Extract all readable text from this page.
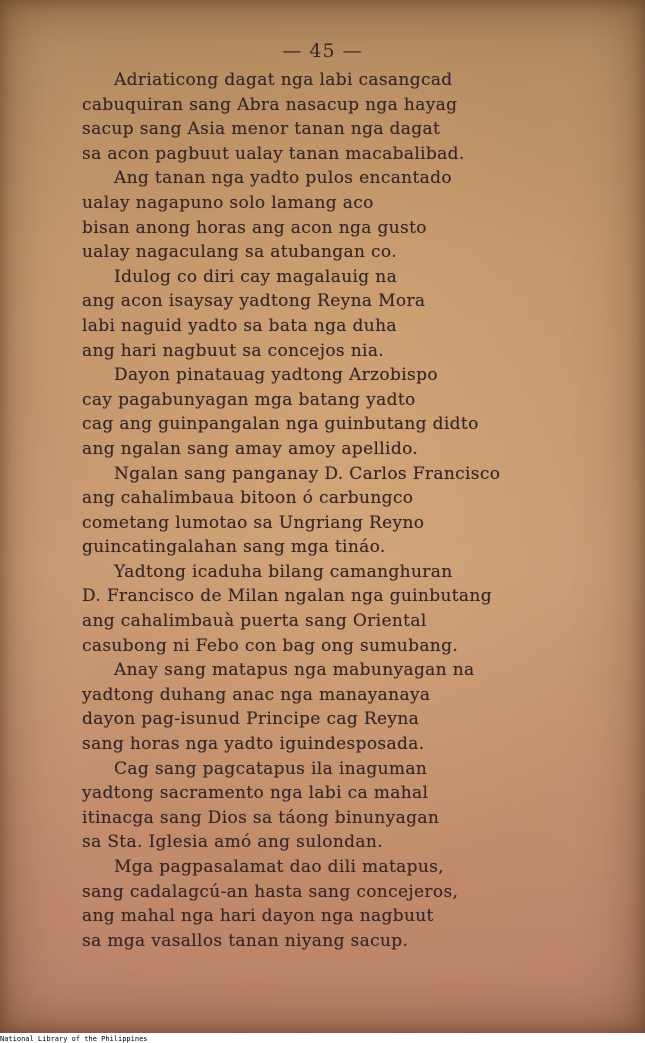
— 45 —
Adriaticong dagat nga labi casangcad
cabuquiran sang Abra nasacup nga hayag
sacup sang Asia menor tanan nga dagat
sa acon pagbuut ualay tanan macabalibad.
Ang tanan nga yadto pulos encantado
ualay nagapuno solo lamang aco
bisan anong horas ang acon nga gusto
ualay nagaculang sa atubangan co.
Idulog co diri cay magalauig na
ang acon isaysay yadtong Reyna Mora
labi naguid yadto sa bata nga duha
ang hari nagbuut sa concejos nia.
Dayon pinatauag yadtong Arzobispo
cay pagabunyagan mga batang yadto
cag ang guinpangalan nga guinbutang didto
ang ngalan sang amay amoy apellido.
Ngalan sang panganay D. Carlos Francisco
ang cahalimbaua bitoon ó carbungco
cometang lumotao sa Ungriang Reyno
guincatingalahan sang mga tináo.
Yadtong icaduha bilang camanghuran
D. Francisco de Milan ngalan nga guinbutang
ang cahalimbauà puerta sang Oriental
casubong ni Febo con bag ong sumubang.
Anay sang matapus nga mabunyagan na
yadtong duhang anac nga manayanaya
dayon pag-isunud Principe cag Reyna
sang horas nga yadto iguindesposada.
Cag sang pagcatapus ila inaguman
yadtong sacramento nga labi ca mahal
itinacga sang Dios sa táong binunyagan
sa Sta. Iglesia amó ang sulondan.
Mga pagpasalamat dao dili matapus,
sang cadalagcú-an hasta sang concejeros,
ang mahal nga hari dayon nga nagbuut
sa mga vasallos tanan niyang sacup.
National Library of the Philippines
